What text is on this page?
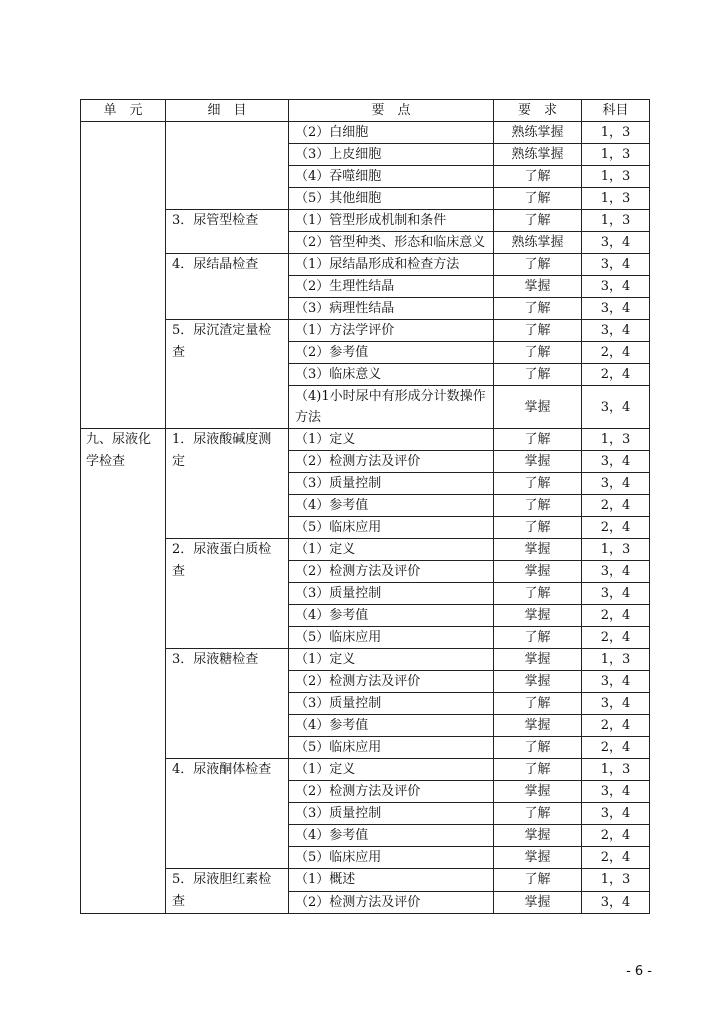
单　元	细　目	要　点	要　求	科目
		（2）白细胞	熟练掌握	1，3
		（3）上皮细胞	熟练掌握	1，3
		（4）吞噬细胞	了解	1，3
		（5）其他细胞	了解	1，3
	3．尿管型检查	（1）管型形成机制和条件	了解	1，3
		（2）管型种类、形态和临床意义	熟练掌握	3，4
	4．尿结晶检查	（1）尿结晶形成和检查方法	了解	3，4
		（2）生理性结晶	掌握	3，4
		（3）病理性结晶	了解	3，4
	5．尿沉渣定量检查	（1）方法学评价	了解	3，4
		（2）参考值	了解	2，4
		（3）临床意义	了解	2，4
		（4)1小时尿中有形成分计数操作方法	掌握	3，4
九、尿液化学检查	1．尿液酸碱度测定	（1）定义	了解	1，3
		（2）检测方法及评价	掌握	3，4
		（3）质量控制	了解	3，4
		（4）参考值	了解	2，4
		（5）临床应用	了解	2，4
	2．尿液蛋白质检查	（1）定义	掌握	1，3
		（2）检测方法及评价	掌握	3，4
		（3）质量控制	了解	3，4
		（4）参考值	掌握	2，4
		（5）临床应用	了解	2，4
	3．尿液糖检查	（1）定义	掌握	1，3
		（2）检测方法及评价	掌握	3，4
		（3）质量控制	了解	3，4
		（4）参考值	掌握	2，4
		（5）临床应用	了解	2，4
	4．尿液酮体检查	（1）定义	了解	1，3
		（2）检测方法及评价	掌握	3，4
		（3）质量控制	了解	3，4
		（4）参考值	掌握	2，4
		（5）临床应用	掌握	2，4
	5．尿液胆红素检查	（1）概述	了解	1，3
		（2）检测方法及评价	掌握	3，4
- 6 -
